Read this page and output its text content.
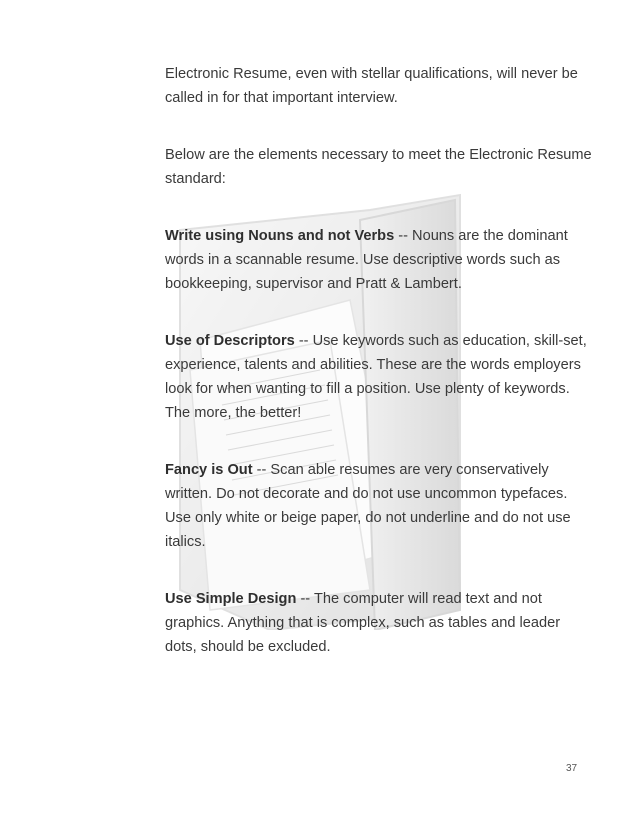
Electronic Resume, even with stellar qualifications, will never be called in for that important interview.

Below are the elements necessary to meet the Electronic Resume standard:

Write using Nouns and not Verbs -- Nouns are the dominant words in a scannable resume. Use descriptive words such as bookkeeping, supervisor and Pratt & Lambert.

Use of Descriptors -- Use keywords such as education, skill-set, experience, talents and abilities. These are the words employers look for when wanting to fill a position. Use plenty of keywords. The more, the better!

Fancy is Out -- Scan able resumes are very conservatively written. Do not decorate and do not use uncommon typefaces. Use only white or beige paper, do not underline and do not use italics.

Use Simple Design -- The computer will read text and not graphics. Anything that is complex, such as tables and leader dots, should be excluded.

37
